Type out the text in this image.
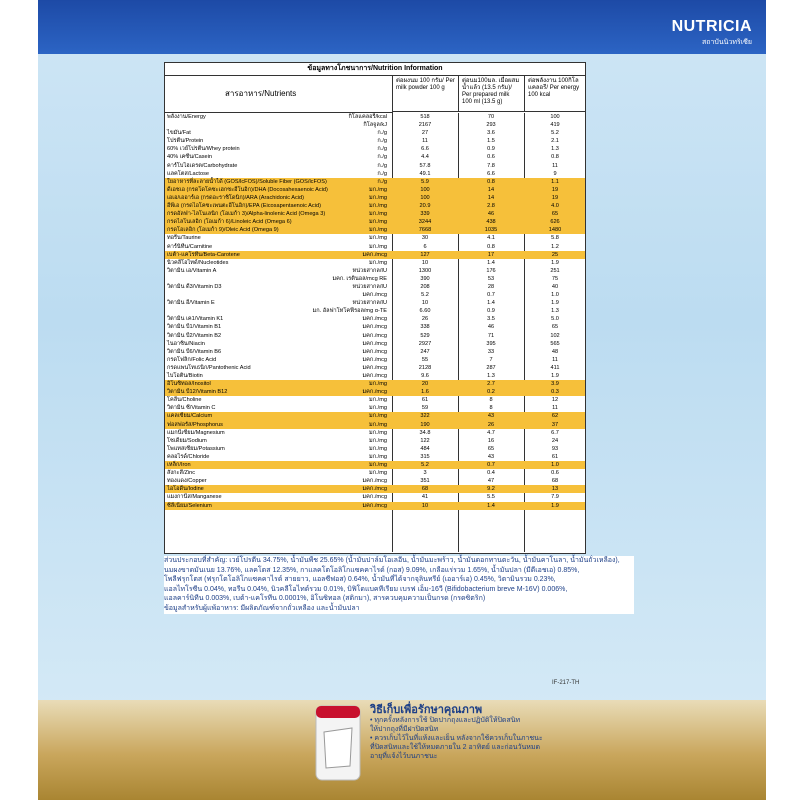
NUTRICIA
สถาบันนิวทริเซีย
วิธีเก็บเพื่อรักษาคุณภาพ
• ทุกครั้งหลังการใช้ ปิดปากถุงและปฏิบัติให้ปิดสนิท
ให้ปากถุงที่มีฝาปิดสนิท
• ควรเก็บไว้ในที่แห้งและเย็น หลังจากใช้ควรเก็บในภาชนะ
ที่ปิดสนิทและใช้ให้หมดภายใน 2 อาทิตย์ และก่อนวันหมด
อายุที่แจ้งไว้บนภาชนะ
ข้อมูลทางโภชนาการ/Nutrition Information
สารอาหาร/Nutrients
ต่อผงนม 100 กรัม/ Per milk powder 100 g
ต่อนม100มล. เมื่อผสมน้ำแล้ว (13.5 กรัม)/ Per prepared milk 100 ml (13.5 g)
ต่อพลังงาน 100กิโลแคลอรี/ Per energy 100 kcal
พลังงาน/Energy	กิโลแคลอรี/kcal	518	70	100
กิโลจูล/kJ	2167	293	419
ไขมัน/Fat	ก./g	27	3.6	5.2
โปรตีน/Protein	ก./g	11	1.5	2.1
60% เวย์โปรตีน/Whey protein	ก./g	6.6	0.9	1.3
40% เคซีน/Casein	ก./g	4.4	0.6	0.8
คาร์โบไฮเดรต/Carbohydrate	ก./g	57.8	7.8	11
แลคโตส/Lactose	ก./g	49.1	6.6	9
ใยอาหารที่ละลายน้ำได้ (GOS/lcFOS)/Soluble Fiber (GOS/lcFOS)	ก./g	5.9	0.8	1.1
ดีเอชเอ (กรดโดโคซะเฮกซะอีโนอิก)/DHA (Docosahexaenoic Acid)	มก./mg	100	14	19
เอเอ/เออาร์เอ (กรดอะราชิโดนิก)/ARA (Arachidonic Acid)	มก./mg	100	14	19
อีพีเอ (กรดไอโคซะเพนตะอีโนอิก)/EPA (Eicosapentaenoic Acid)	มก./mg	20.9	2.8	4.0
กรดอัลฟ่า-ไลโนเลนิก (โอเมก้า 3)/Alpha-linolenic Acid (Omega 3)	มก./mg	339	46	65
กรดไลโนเลอิก (โอเมก้า 6)/Linoleic Acid (Omega 6)	มก./mg	3244	438	626
กรดโอเลอิก (โอเมก้า 9)/Oleic Acid (Omega 9)	มก./mg	7668	1035	1480
ทอรีน/Taurine	มก./mg	30	4.1	5.8
คาร์นิทีน/Carnitine	มก./mg	6	0.8	1.2
เบต้า-แคโรทีน/Beta-Carotene	มคก./mcg	127	17	25
นิวคลีโอไทด์/Nucleotides	มก./mg	10	1.4	1.9
วิตามิน เอ/Vitamin A	หน่วยสากล/IU	1300	176	251
มคก. เรตินอล/mcg RE	390	53	75
วิตามิน ดี3/Vitamin D3	หน่วยสากล/IU	208	28	40
มคก./mcg	5.2	0.7	1.0
วิตามิน อี/Vitamin E	หน่วยสากล/IU	10	1.4	1.9
มก. อัลฟาโทโคฟีรอล/mg α-TE	6.60	0.9	1.3
วิตามิน เค1/Vitamin K1	มคก./mcg	26	3.5	5.0
วิตามิน บี1/Vitamin B1	มคก./mcg	338	46	65
วิตามิน บี2/Vitamin B2	มคก./mcg	529	71	102
ไนอาซิน/Niacin	มคก./mcg	2927	395	565
วิตามิน บี6/Vitamin B6	มคก./mcg	247	33	48
กรดโฟลิก/Folic Acid	มคก./mcg	55	7	11
กรดแพนโทเธนิก/Pantothenic Acid	มคก./mcg	2128	287	411
ไบโอติน/Biotin	มคก./mcg	9.6	1.3	1.9
อิโนซิทอล/Inositol	มก./mg	20	2.7	3.9
วิตามิน บี12/Vitamin B12	มคก./mcg	1.6	0.2	0.3
โคลีน/Choline	มก./mg	61	8	12
วิตามิน ซี/Vitamin C	มก./mg	59	8	11
แคลเซียม/Calcium	มก./mg	322	43	62
ฟอสฟอรัส/Phosphorus	มก./mg	190	26	37
แมกนีเซียม/Magnesium	มก./mg	34.8	4.7	6.7
โซเดียม/Sodium	มก./mg	122	16	24
โพแทสเซียม/Potassium	มก./mg	484	65	93
คลอไรด์/Chloride	มก./mg	315	43	61
เหล็ก/Iron	มก./mg	5.2	0.7	1.0
สังกะสี/Zinc	มก./mg	3	0.4	0.6
ทองแดง/Copper	มคก./mcg	351	47	68
ไอโอดีน/Iodine	มคก./mcg	68	9.2	13
แมงกานีส/Manganese	มคก./mcg	41	5.5	7.9
ซีลีเนียม/Selenium	มคก./mcg	10	1.4	1.9
ส่วนประกอบที่สำคัญ: เวย์โปรตีน 34.75%, น้ำมันพืช 25.65% (น้ำมันปาล์มโอเลอีน, น้ำมันมะพร้าว, น้ำมันดอกทานตะวัน, น้ำมันคาโนลา, น้ำมันถั่วเหลือง),
นมผงขาดมันเนย 13.76%, แลคโตส 12.35%, กาแลคโตโอลิโกแซคคาไรด์ (กอส) 9.09%, เกลือแร่รวม 1.65%, น้ำมันปลา (มีดีเอชเอ) 0.85%,
โพลีฟรุกโตส (ฟรุกโตโอลิโกแซคคาไรด์ สายยาว, แอลซีฟอส) 0.64%, น้ำมันที่ได้จากจุลินทรีย์ (เออาร์เอ) 0.45%, วิตามินรวม 0.23%,
แอลไทโรซีน 0.04%, ทอรีน 0.04%, นิวคลีโอไทด์รวม 0.01%, บิฟิโดแบคทีเรียม เบรฟ เอ็ม-16วี (Bifidobacterium breve M-16V) 0.006%,
แอลคาร์นิทีน 0.003%, เบต้า-แคโรทีน 0.0001%, อิโนซิทอล (สติกมา), สารควบคุมความเป็นกรด (กรดซิตริก)
ข้อมูลสำหรับผู้แพ้อาหาร: มีผลิตภัณฑ์จากถั่วเหลือง และน้ำมันปลา
IF-217-TH
